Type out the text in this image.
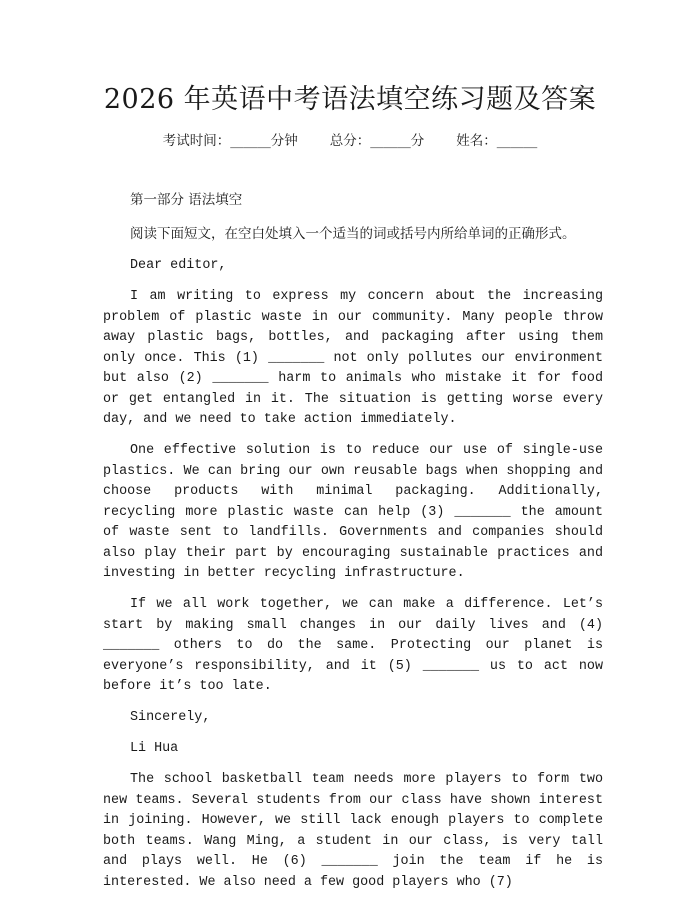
2026 年英语中考语法填空练习题及答案
考试时间：______分钟 总分：______分 姓名：______
第一部分 语法填空
阅读下面短文，在空白处填入一个适当的词或括号内所给单词的正确形式。

Dear editor,

I am writing to express my concern about the increasing problem of plastic waste in our community. Many people throw away plastic bags, bottles, and packaging after using them only once. This (1) _______ not only pollutes our environment but also (2) _______ harm to animals who mistake it for food or get entangled in it. The situation is getting worse every day, and we need to take action immediately.

One effective solution is to reduce our use of single-use plastics. We can bring our own reusable bags when shopping and choose products with minimal packaging. Additionally, recycling more plastic waste can help (3) _______ the amount of waste sent to landfills. Governments and companies should also play their part by encouraging sustainable practices and investing in better recycling infrastructure.

If we all work together, we can make a difference. Let’s start by making small changes in our daily lives and (4) _______ others to do the same. Protecting our planet is everyone’s responsibility, and it (5) _______ us to act now before it’s too late.

Sincerely,

Li Hua

The school basketball team needs more players to form two new teams. Several students from our class have shown interest in joining. However, we still lack enough players to complete both teams. Wang Ming, a student in our class, is very tall and plays well. He (6) _______ join the team if he is interested. We also need a few good players who (7)
